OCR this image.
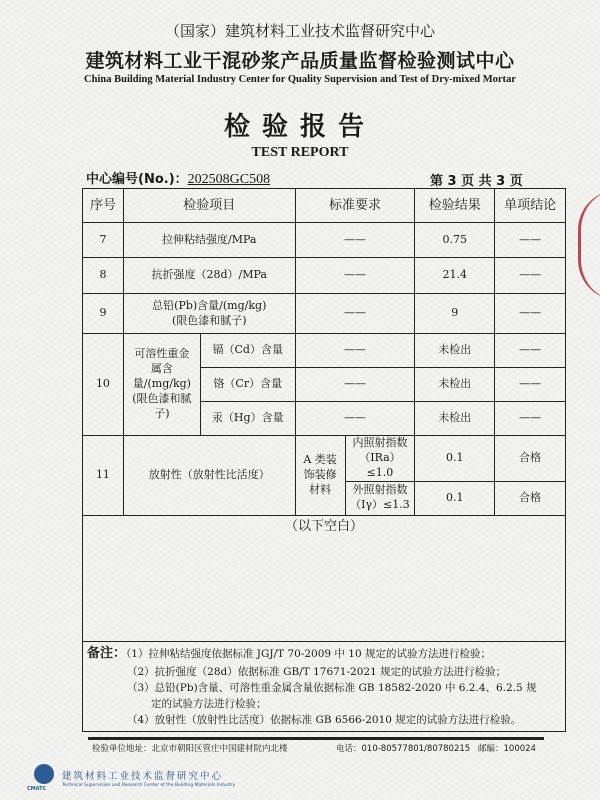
（国家）建筑材料工业技术监督研究中心
建筑材料工业干混砂浆产品质量监督检验测试中心
China Building Material Industry Center for Quality Supervision and Test of Dry-mixed Mortar
检验报告
TEST REPORT
中心编号(No.)：202508GC508	第 3 页 共 3 页
序号	检验项目		标准要求		检验结果	单项结论
7	拉伸粘结强度/MPa		——		0.75	——
8	抗折强度（28d）/MPa		——		21.4	——
9	总铅(Pb)含量/(mg/kg)
(限色漆和腻子)		——		9	——
10	可溶性重金属含量/(mg/kg)(限色漆和腻子)	镉（Cd）含量	——		未检出	——
		铬（Cr）含量	——		未检出	——
		汞（Hg）含量	——		未检出	——
11	放射性（放射性比活度）		A 类装饰装修材料	内照射指数
（IRa）≤1.0	0.1	合格
				外照射指数
（Iγ）≤1.3	0.1	合格

（以下空白）						

备注：（1）拉伸粘结强度依据标准 JGJ/T 70-2009 中 10 规定的试验方法进行检验；
（2）抗折强度（28d）依据标准 GB/T 17671-2021 规定的试验方法进行检验；
（3）总铅(Pb)含量、可溶性重金属含量依据标准 GB 18582-2020 中 6.2.4、6.2.5 规
定的试验方法进行检验；
（4）放射性（放射性比活度）依据标准 GB 6566-2010 规定的试验方法进行检验。						
检验单位地址：北京市朝阳区管庄中国建材院内北楼	电话：010-80577801/80780215 邮编：100024
CMATC
建筑材料工业技术监督研究中心
Technical Supervision and Research Center of the Building Materials Industry
